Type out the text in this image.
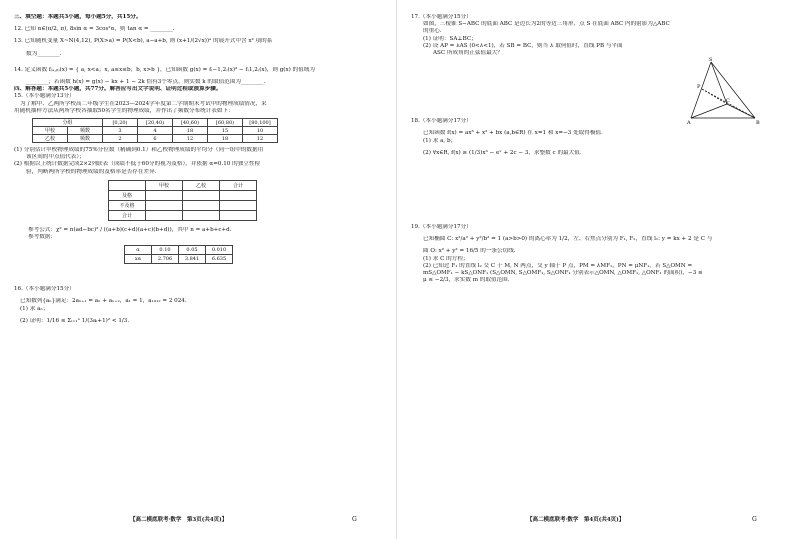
三、填空题：本题共3小题，每小题5分，共15分。
12. 已知 α∈(π/2, π), 8sin α = 3cos²α，则 tan α = ________.
13. 已知随机变量 X~N(4,12), P(X>a) = P(X<b), a−a+b, 则 (x+1/(2√x))ᵃ 的展开式中含 x² 项的系
数为________.
14. 定义函数 f₍ₐ,ᵦ₎(x) = { a, x<a；x, a≤x≤b；b, x>b }，已知函数 g(x) = f₍−1,2₎(x)² − f₍1,2₎(x)，则 g(x) 的值域为
________；若函数 h(x) = g(x) − kx + 1 − 2k 恰有3个零点，则实数 k 的取值范围为________.
四、解答题：本题共5小题，共77分。解答应写出文字说明、证明过程或演算步骤。
15.（本小题满分13分）
为了解甲、乙两所学校高二年级学生在2023—2024学年度第二学期期末考试中的物理成绩情况，采
用随机抽样方法从两所学校各抽取50名学生的物理成绩，并作出了频数分布统计表如下：
分组		[0,20)	[20,40)	[40,60)	[60,80)	[80,100]
甲校	频数	3	4	18	15	10
乙校	频数	2	6	12	18	12
(1) 分别估计甲校物理成绩的75%分位数（精确到0.1）和乙校物理成绩的平均分（同一组中的数据用
该区间的中点值代表）；
(2) 根据以上统计数据完成2×2列联表（成绩不低于60分的视为及格），并依据 α=0.10 的独立性检
验，判断两所学校的物理成绩的及格率是否存在差异.
	甲校	乙校	合计
及格			
不及格			
合计			
参考公式：χ² = n(ad−bc)² / ((a+b)(c+d)(a+c)(b+d))，其中 n = a+b+c+d.
参考数据：
α	0.10	0.05	0.010
xα	2.706	3.841	6.635
16.（本小题满分15分）
已知数列{aₙ}满足：2aₙ₊₁ = aₙ + aₙ₊₂，a₁ = 1，a₁₀₁₂ = 2 024.
(1) 求 aₙ；
(2) 证明：1/16 ≤ Σᵢ₌₁ⁿ 1/(3aᵢ+1)² < 1/3.
【高二模底联考·数学　第3页(共4页)】	G
17.（本小题满分15分）
如图，三棱锥 S−ABC 的底面 ABC 是边长为2的等边三角形，点 S 在底面 ABC 内的射影为△ABC
的重心.
(1) 证明：SA⊥BC；
(2) 设 AP = λAS (0<λ<1)，若 SB = BC，则当 λ 取何值时，直线 PB 与平面
ASC 所成角的正弦值最大？
S
A	B
C
P
18.（本小题满分17分）
已知函数 f(x) = ax³ + x² + bx (a,b∈R) 在 x=1 和 x=−3 处取得极值.
(1) 求 a, b；
(2) ∀x∈R, f(x) ≥ (1/3)x³ − eˣ + 2c − 3，求整数 c 的最大值.
19.（本小题满分17分）
已知椭圆 C: x²/a² + y²/b² = 1 (a>b>0) 的离心率为 1/2，左、右焦点分别为 F₁, F₂，直线 l₁: y = kx + 2 是 C 与
圆 O: x² + y² = 16/5 的一条公切线.
(1) 求 C 的方程；
(2) 已知过 F₁ 的直线 l₂ 交 C 于 M, N 两点，交 y 轴于 P 点，PM = λMF₁，PN = μNF₁，若 S△OMN =
mS△OMF₁ − kS△ONF₁ (S△OMN, S△OMF₁, S△ONF₁ 分别表示△OMN, △OMF₁, △ONF₁ 的面积)，−3 ≤
μ ≤ −2/3，求实数 m 的取值范围.
【高二模底联考·数学　第4页(共4页)】	G
